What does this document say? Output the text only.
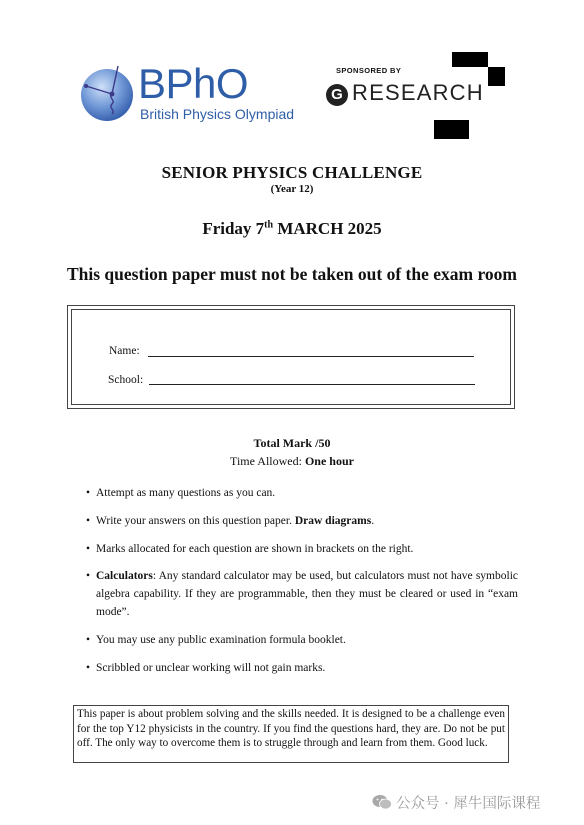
BPhO
British Physics Olympiad
SPONSORED BY
G RESEARCH
SENIOR PHYSICS CHALLENGE
(Year 12)
Friday 7th MARCH 2025
This question paper must not be taken out of the exam room
Name:
School:
Total Mark /50
Time Allowed: One hour
• Attempt as many questions as you can.
• Write your answers on this question paper. Draw diagrams.
• Marks allocated for each question are shown in brackets on the right.
• Calculators: Any standard calculator may be used, but calculators must not have symbolic algebra capability. If they are programmable, then they must be cleared or used in “exam mode”.
• You may use any public examination formula booklet.
• Scribbled or unclear working will not gain marks.
This paper is about problem solving and the skills needed. It is designed to be a challenge even for the top Y12 physicists in the country. If you find the questions hard, they are. Do not be put off. The only way to overcome them is to struggle through and learn from them. Good luck.
公众号 · 犀牛国际课程
